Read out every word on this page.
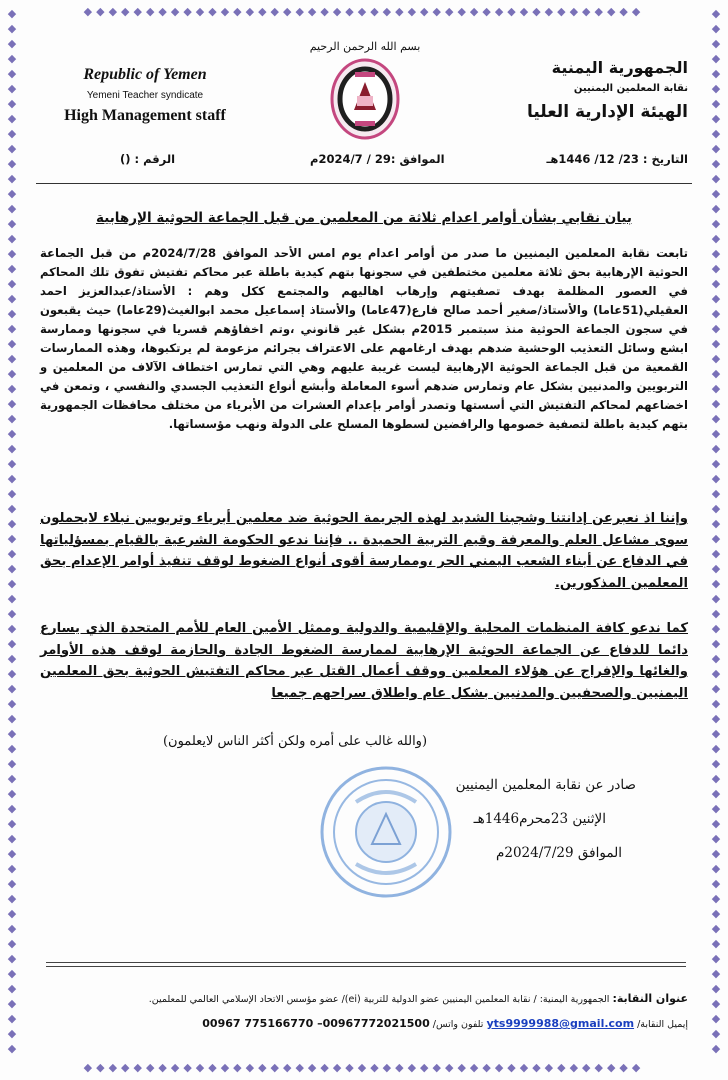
◆◆◆◆◆◆◆◆◆◆◆◆◆◆◆◆◆◆◆◆◆◆◆◆◆◆◆◆◆◆◆◆◆◆◆◆◆◆◆◆◆◆◆◆◆
◆◆◆◆◆◆◆◆◆◆◆◆◆◆◆◆◆◆◆◆◆◆◆◆◆◆◆◆◆◆◆◆◆◆◆◆◆◆◆◆◆◆◆◆◆
◆◆◆◆◆◆◆◆◆◆◆◆◆◆◆◆◆◆◆◆◆◆◆◆◆◆◆◆◆◆◆◆◆◆◆◆◆◆◆◆◆◆◆◆◆◆◆◆◆◆◆◆◆◆◆◆◆◆◆◆◆◆◆◆◆◆◆◆◆◆
◆◆◆◆◆◆◆◆◆◆◆◆◆◆◆◆◆◆◆◆◆◆◆◆◆◆◆◆◆◆◆◆◆◆◆◆◆◆◆◆◆◆◆◆◆◆◆◆◆◆◆◆◆◆◆◆◆◆◆◆◆◆◆◆◆◆◆◆◆◆
بسم الله الرحمن الرحيم
Republic of Yemen
Yemeni Teacher syndicate
High Management staff
الجمهورية اليمنية
نقابة المعلمين اليمنيين
الهيئة الإدارية العليا
التاريخ : 23/ 12/ 1446هـ
الموافق :29 / 2024/7م
الرقم : ()
بيان نقابي بشأن أوامر اعدام ثلاثة من المعلمين من قبل الجماعة الحوثية الإرهابية
تابعت نقابة المعلمين اليمنيين ما صدر من أوامر اعدام يوم امس الأحد الموافق 2024/7/28م من قبل الجماعة الحوثية الإرهابية بحق ثلاثة معلمين مختطفين في سجونها بتهم كيدية باطلة عبر محاكم تفتيش تفوق تلك المحاكم في العصور المظلمة بهدف تصفيتهم وإرهاب اهاليهم والمجتمع ككل وهم : الأستاذ/عبدالعزيز احمد العقيلي(51عاما) والأستاذ/صغير أحمد صالح فارع(47عاما) والأستاذ إسماعيل محمد ابوالغيث(29عاما) حيث يقبعون في سجون الجماعة الحوثية منذ سبتمبر 2015م بشكل غير قانوني ،وتم اخفاؤهم قسريا في سجونها وممارسة ابشع وسائل التعذيب الوحشية ضدهم بهدف ارغامهم على الاعتراف بجرائم مزعومة لم يرتكبوها، وهذه الممارسات القمعية من قبل الجماعة الحوثية الإرهابية ليست غريبة عليهم وهي التي تمارس اختطاف الآلاف من المعلمين و التربويين والمدنيين بشكل عام وتمارس ضدهم أسوء المعاملة وأبشع أنواع التعذيب الجسدي والنفسي ، وتمعن في اخضاعهم لمحاكم التفتيش التي أسستها وتصدر أوامر بإعدام العشرات من الأبرياء من مختلف محافظات الجمهورية بتهم كيدية باطلة لتصفية خصومها والرافضين لسطوها المسلح على الدولة ونهب مؤسساتها.
وإننا اذ نعبرعن إدانتنا وشجبنا الشديد لهذه الجريمة الحوثية ضد معلمين أبرياء وتربويين نبلاء لايحملون سوى مشاعل العلم والمعرفة وقيم التربية الحميدة .. فإننا ندعو الحكومة الشرعية بالقيام بمسؤلياتها في الدفاع عن أبناء الشعب اليمني الحر ،وممارسة أقوى أنواع الضغوط لوقف تنفيذ أوامر الإعدام بحق المعلمين المذكورين.
كما ندعو كافة المنظمات المحلية والإقليمية والدولية وممثل الأمين العام للأمم المتحدة الذي يسارع دائما للدفاع عن الجماعة الحوثية الإرهابية لممارسة الضغوط الجادة والحازمة لوقف هذه الأوامر والغائها والإفراج عن هؤلاء المعلمين ووقف أعمال القتل عبر محاكم التفتيش الحوثية بحق المعلمين اليمنيين والصحفيين والمدنيين بشكل عام واطلاق سراحهم جميعا
(والله غالب على أمره ولكن أكثر الناس لايعلمون)
صادر عن نقابة المعلمين اليمنيين
الإثنين 23محرم1446هـ
الموافق 2024/7/29م
عنوان النقابة: الجمهورية اليمنية: / نقابة المعلمين اليمنيين عضو الدولية للتربية (ei)/ عضو مؤسس الاتحاد الإسلامي العالمي للمعلمين.
إيميل النقابة/ yts9999988@gmail.com تلفون واتس/ 00967 775166770 –00967772021500
